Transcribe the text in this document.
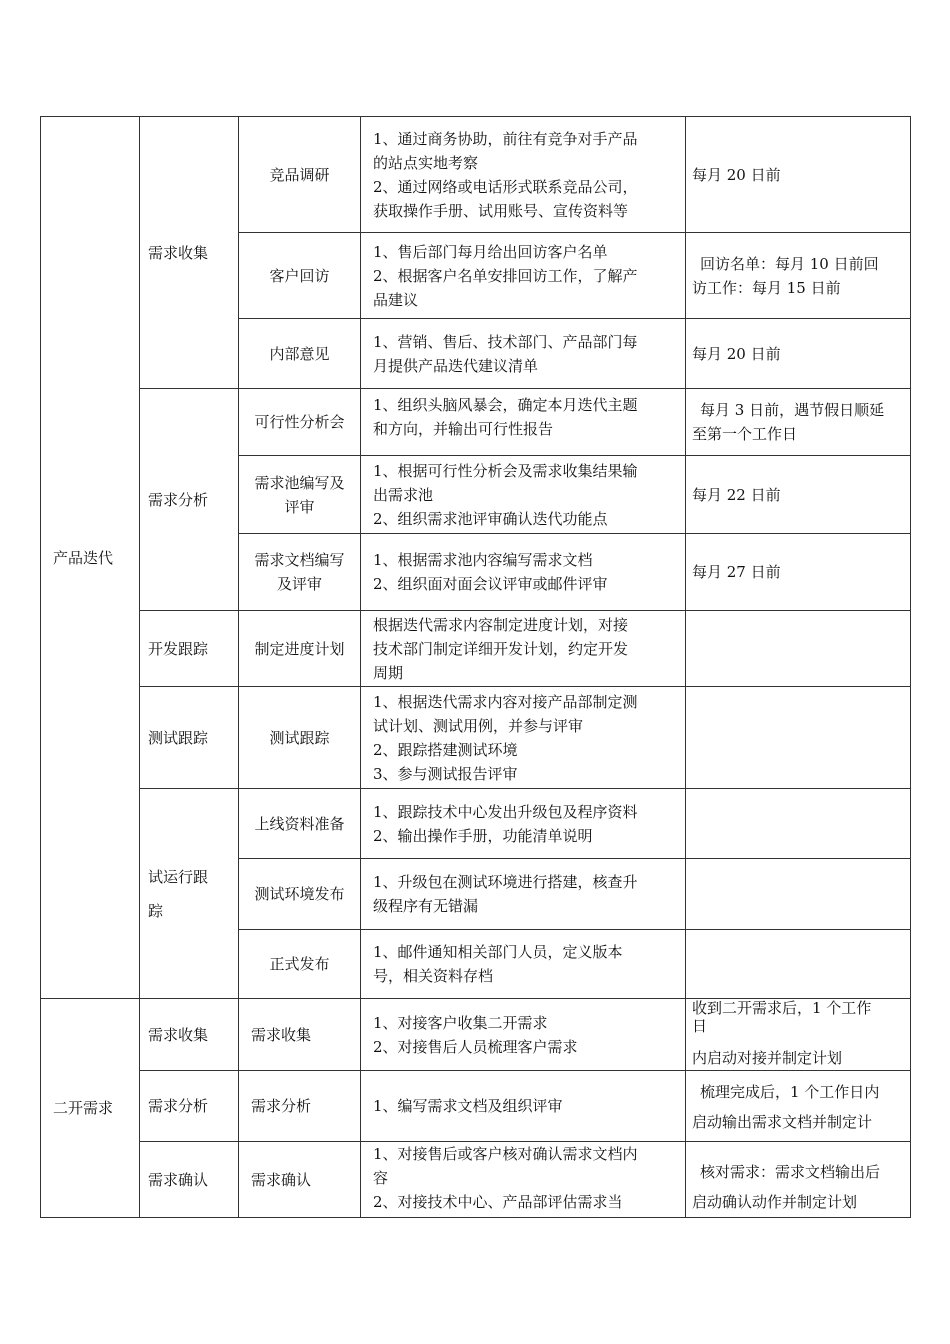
产品迭代	需求收集	竞品调研	1、通过商务协助，前往有竞争对手产品
的站点实地考察
2、通过网络或电话形式联系竞品公司，
获取操作手册、试用账号、宣传资料等	每月 20 日前
		客户回访	1、售后部门每月给出回访客户名单
2、根据客户名单安排回访工作，了解产
品建议	回访名单：每月 10 日前回
访工作：每月 15 日前

		内部意见	1、营销、售后、技术部门、产品部门每
月提供产品迭代建议清单	每月 20 日前
	需求分析	可行性分析会	1、组织头脑风暴会，确定本月迭代主题
和方向，并输出可行性报告	每月 3 日前，遇节假日顺延
至第一个工作日

		需求池编写及
评审	1、根据可行性分析会及需求收集结果输
出需求池
2、组织需求池评审确认迭代功能点	每月 22 日前

		需求文档编写
及评审	1、根据需求池内容编写需求文档
2、组织面对面会议评审或邮件评审	每月 27 日前
	开发跟踪	制定进度计划	根据迭代需求内容制定进度计划，对接
技术部门制定详细开发计划，约定开发
周期	

	测试跟踪	测试跟踪	1、根据迭代需求内容对接产品部制定测
试计划、测试用例，并参与评审
2、跟踪搭建测试环境
3、参与测试报告评审	

	试运行跟
踪	上线资料准备	1、跟踪技术中心发出升级包及程序资料
2、输出操作手册，功能清单说明	

		测试环境发布	1、升级包在测试环境进行搭建，核查升
级程序有无错漏	

		正式发布	1、邮件通知相关部门人员，定义版本
号，相关资料存档	

二开需求	需求收集	需求收集	1、对接客户收集二开需求
2、对接售后人员梳理客户需求	收到二开需求后，1 个工作
日
内启动对接并制定计划

	需求分析	需求分析	1、编写需求文档及组织评审	梳理完成后，1 个工作日内
启动输出需求文档并制定计

	需求确认	需求确认	1、对接售后或客户核对确认需求文档内
容
2、对接技术中心、产品部评估需求当	核对需求：需求文档输出后
启动确认动作并制定计划
